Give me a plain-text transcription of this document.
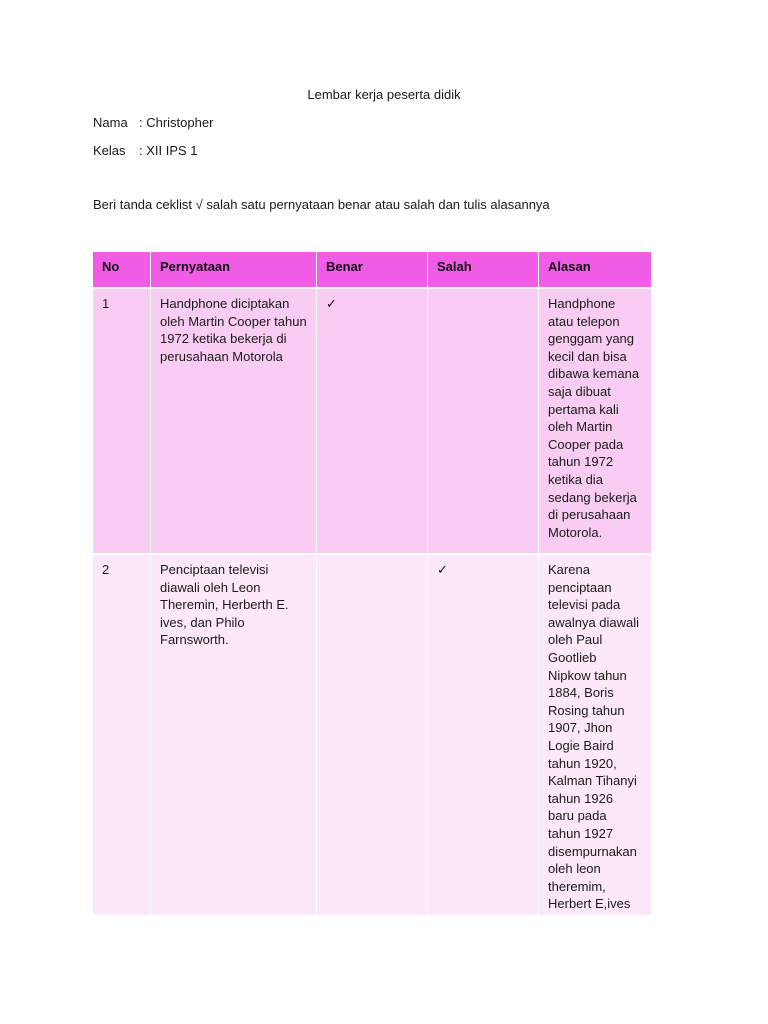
Lembar kerja peserta didik
Nama : Christopher
Kelas	: XII IPS 1
Beri tanda ceklist √ salah satu pernyataan benar atau salah dan tulis alasannya
No	Pernyataan	Benar	Salah	Alasan
1	Handphone diciptakan oleh Martin Cooper tahun 1972 ketika bekerja di perusahaan Motorola	✓		Handphone atau telepon genggam yang kecil dan bisa dibawa kemana saja dibuat pertama kali oleh Martin Cooper pada tahun 1972 ketika dia sedang bekerja di perusahaan Motorola.
2	Penciptaan televisi diawali oleh Leon Theremin, Herberth E. ives, dan Philo Farnsworth.		✓	Karena penciptaan televisi pada awalnya diawali oleh Paul Gootlieb Nipkow tahun 1884, Boris Rosing tahun 1907, Jhon Logie Baird tahun 1920, Kalman Tihanyi tahun 1926 baru pada tahun 1927 disempurnakan oleh leon theremim, Herbert E,ives
